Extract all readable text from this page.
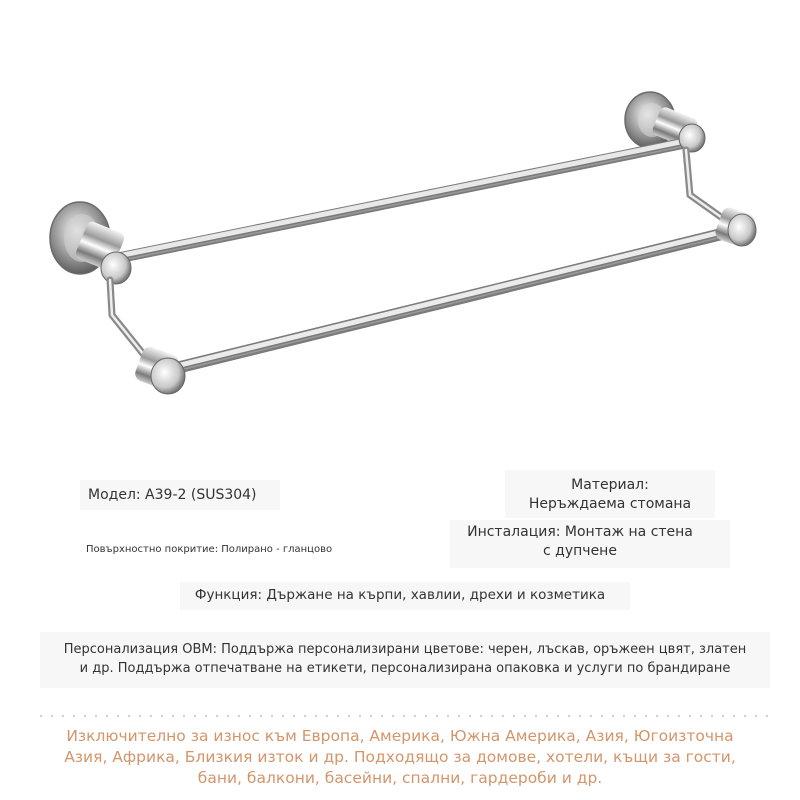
Модел: A39-2 (SUS304)
Материал:
Неръждаема стомана
Повърхностно покритие: Полирано - гланцово
Инсталация: Монтаж на стена
с дупчене
Функция: Държане на кърпи, хавлии, дрехи и козметика
Персонализация OBM: Поддържа персонализирани цветове: черен, лъскав, оръжеен цвят, златен
и др. Поддържа отпечатване на етикети, персонализирана опаковка и услуги по брандиране
Изключително за износ към Европа, Америка, Южна Америка, Азия, Югоизточна
Азия, Африка, Близкия изток и др. Подходящо за домове, хотели, къщи за гости,
бани, балкони, басейни, спални, гардероби и др.
